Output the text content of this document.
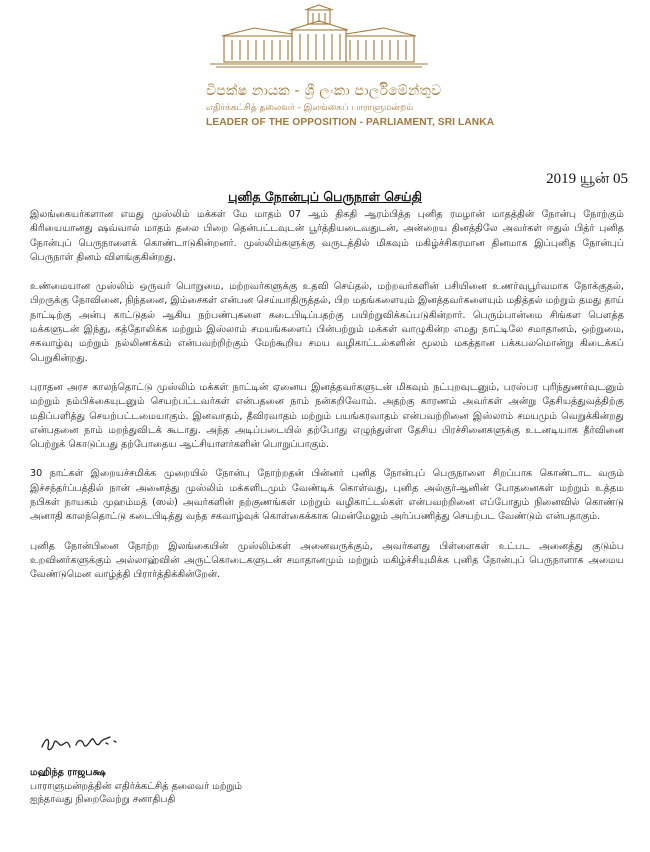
විපක්ෂ නායක - ශ්‍රී ලංකා පාර්ලිමේන්තුව
எதிர்க்கட்சித் தலைவர் - இலங்கைப் பாராளுமன்றம்
LEADER OF THE OPPOSITION - PARLIAMENT, SRI LANKA
2019 யூன் 05
புனித நோன்புப் பெருநாள் செய்தி

இலங்கையர்களான எமது முஸ்லிம் மக்கள் மே மாதம் 07 ஆம் திகதி ஆரம்பித்த புனித ரமழான் மாதத்தின் நோன்பு நோற்கும் கிரியையானது ஷவ்வால் மாதம் தலை பிறை தென்பட்டவுடன் பூர்த்தியடைவதுடன், அன்றைய தினத்திலே அவர்கள் ஈதுல் பித்ர் புனித நோன்புப் பெருநாளைக் கொண்டாடுகின்றனர். முஸ்லிம்களுக்கு வருடத்தில் மிகவும் மகிழ்ச்சிகரமான தினமாக இப்புனித நோன்புப் பெருநாள் தினம் விளங்குகின்றது.

உண்மையான முஸ்லிம் ஒருவர் பொறுமை, மற்றவர்களுக்கு உதவி செய்தல், மற்றவர்களின் பசியினை உணர்வுபூர்வமாக நோக்குதல், பிறருக்கு நோவினை, நிந்தனை, இம்சைகள் என்பன செய்யாதிருத்தல், பிற மதங்களையும் இனத்தவர்களையும் மதித்தல் மற்றும் தமது தாய் நாட்டிற்கு அன்பு காட்டுதல் ஆகிய நற்பண்புகளை கடைபிடிப்பதற்கு பயிற்றுவிக்கப்படுகின்றார். பெரும்பான்மை சிங்கள பௌத்த மக்களுடன் இந்து, கத்தோலிக்க மற்றும் இஸ்லாம் சமயங்களைப் பின்பற்றும் மக்கள் வாழுகின்ற எமது நாட்டிலே சமாதானம், ஒற்றுமை, சகவாழ்வு மற்றும் நல்லிணக்கம் என்பவற்றிற்கும் மேற்கூறிய சமய வழிகாட்டல்களின் மூலம் மகத்தான பக்கபலமொன்று கிடைக்கப் பெறுகின்றது.

புராதன அரச காலந்தொட்டு முஸ்லிம் மக்கள் நாட்டின் ஏனைய இனத்தவர்களுடன் மிகவும் நட்புறவுடனும், பரஸ்பர புரிந்துணர்வுடனும் மற்றும் நம்பிக்கையுடனும் செயற்பட்டவர்கள் என்பதனை நாம் நன்கறிவோம். அதற்கு காரணம் அவர்கள் அன்று தேசியத்துவத்திற்கு மதிப்பளித்து செயற்பட்டமையாகும். இனவாதம், தீவிரவாதம் மற்றும் பயங்கரவாதம் என்பவற்றினை இஸ்லாம் சமயமும் வெறுக்கின்றது என்பதனை நாம் மறந்துவிடக் கூடாது. அந்த அடிப்படையில் தற்போது எழுந்துள்ள தேசிய பிரச்சினைகளுக்கு உடனடியாக தீர்வினை பெற்றுக் கொடுப்பது தற்போதைய ஆட்சியாளர்களின் பொறுப்பாகும்.

30 நாட்கள் இறையச்சமிக்க முறையில் நோன்பு நோற்றதன் பின்னர் புனித நோன்புப் பெருநாளை சிறப்பாக கொண்டாட வரும் இச்சந்தர்ப்பத்தில் நான் அனைத்து முஸ்லிம் மக்களிடமும் வேண்டிக் கொள்வது, புனித அல்குர்ஆனின் போதனைகள் மற்றும் உத்தம நபிகள் நாயகம் முஹம்மத் (ஸல்) அவர்களின் நற்குணங்கள் மற்றும் வழிகாட்டல்கள் என்பவற்றினை எப்போதும் நினைவில் கொண்டு அனாதி காலந்தொட்டு கடைபிடித்து வந்த சகவாழ்வுக் கொள்கைக்காக மென்மேலும் அர்ப்பணித்து செயற்பட வேண்டும் என்பதாகும்.

புனித நோன்பினை நோற்ற இலங்கையின் முஸ்லிம்கள் அனைவருக்கும், அவர்களது பிள்ளைகள் உட்பட அனைத்து குடும்ப உறவினர்களுக்கும் அல்லாஹ்வின் அருட்கொடைகளுடன் சமாதானமும் மற்றும் மகிழ்ச்சியுமிக்க புனித நோன்புப் பெருநாளாக அமைய வேண்டுமென வாழ்த்தி பிரார்த்திக்கின்றேன்.

மஹிந்த ராஜபக்ஷ
பாராளுமன்றத்தின் எதிர்க்கட்சித் தலைவர் மற்றும்
ஐந்தாவது நிறைவேற்று சனாதிபதி
